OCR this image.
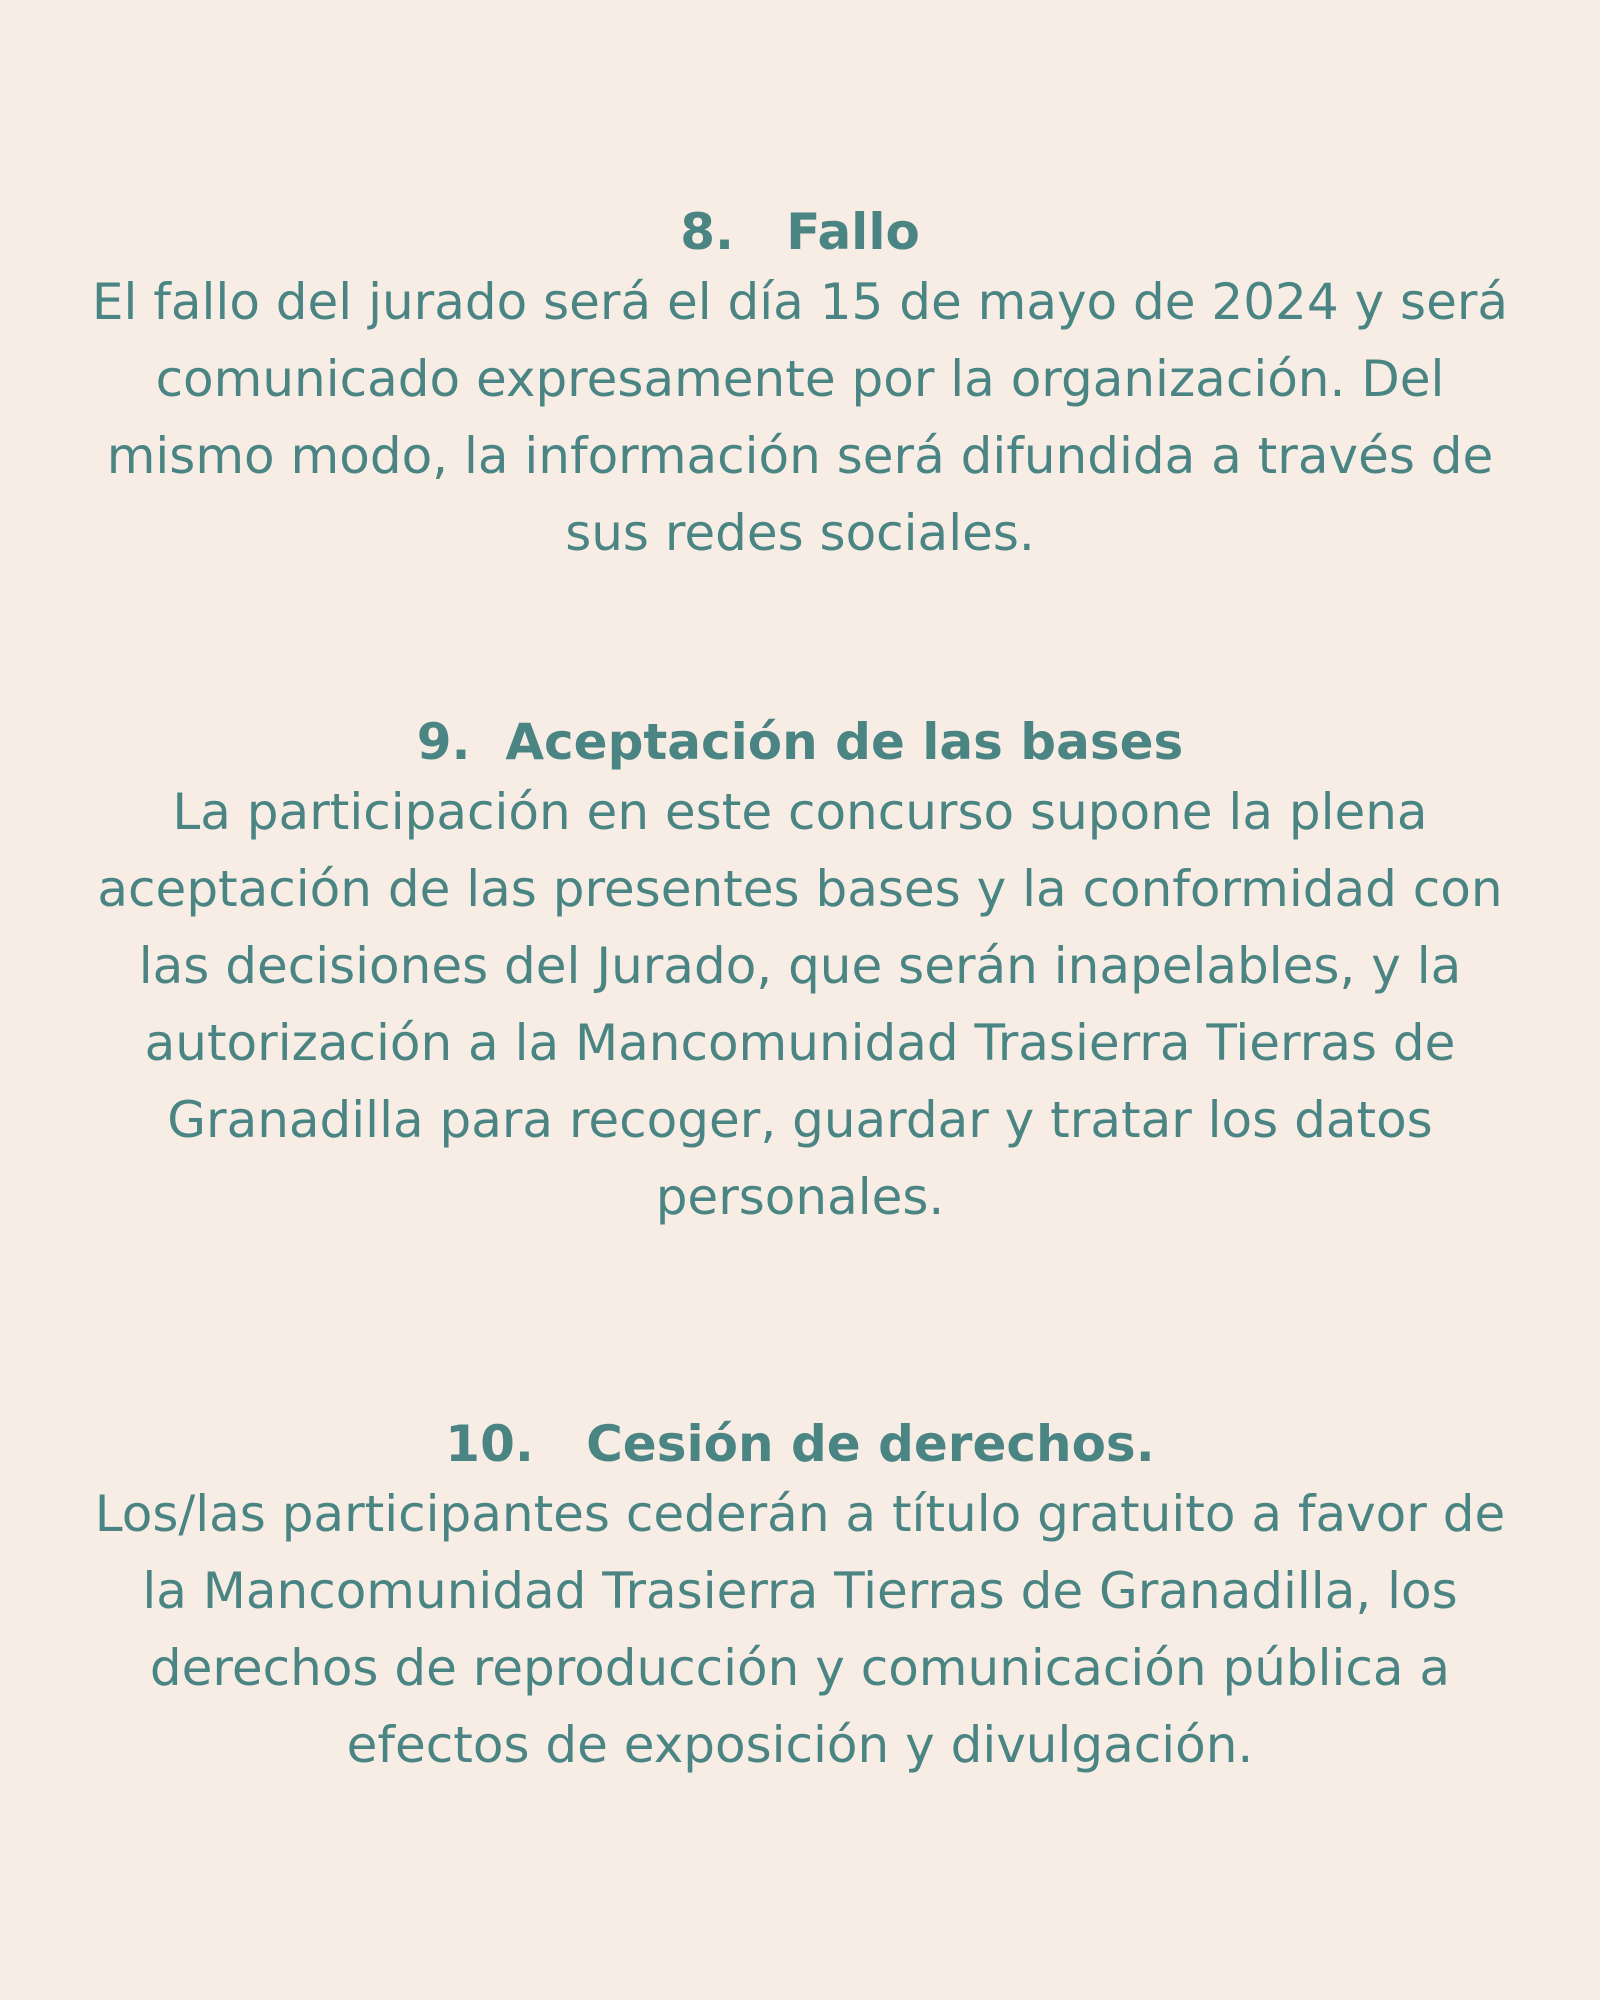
8. Fallo

El fallo del jurado será el día 15 de mayo de 2024 y será
comunicado expresamente por la organización. Del
mismo modo, la información será difundida a través de
sus redes sociales.

9. Aceptación de las bases

La participación en este concurso supone la plena
aceptación de las presentes bases y la conformidad con
las decisiones del Jurado, que serán inapelables, y la
autorización a la Mancomunidad Trasierra Tierras de
Granadilla para recoger, guardar y tratar los datos
personales.

10. Cesión de derechos.

Los/las participantes cederán a título gratuito a favor de
la Mancomunidad Trasierra Tierras de Granadilla, los
derechos de reproducción y comunicación pública a
efectos de exposición y divulgación.
